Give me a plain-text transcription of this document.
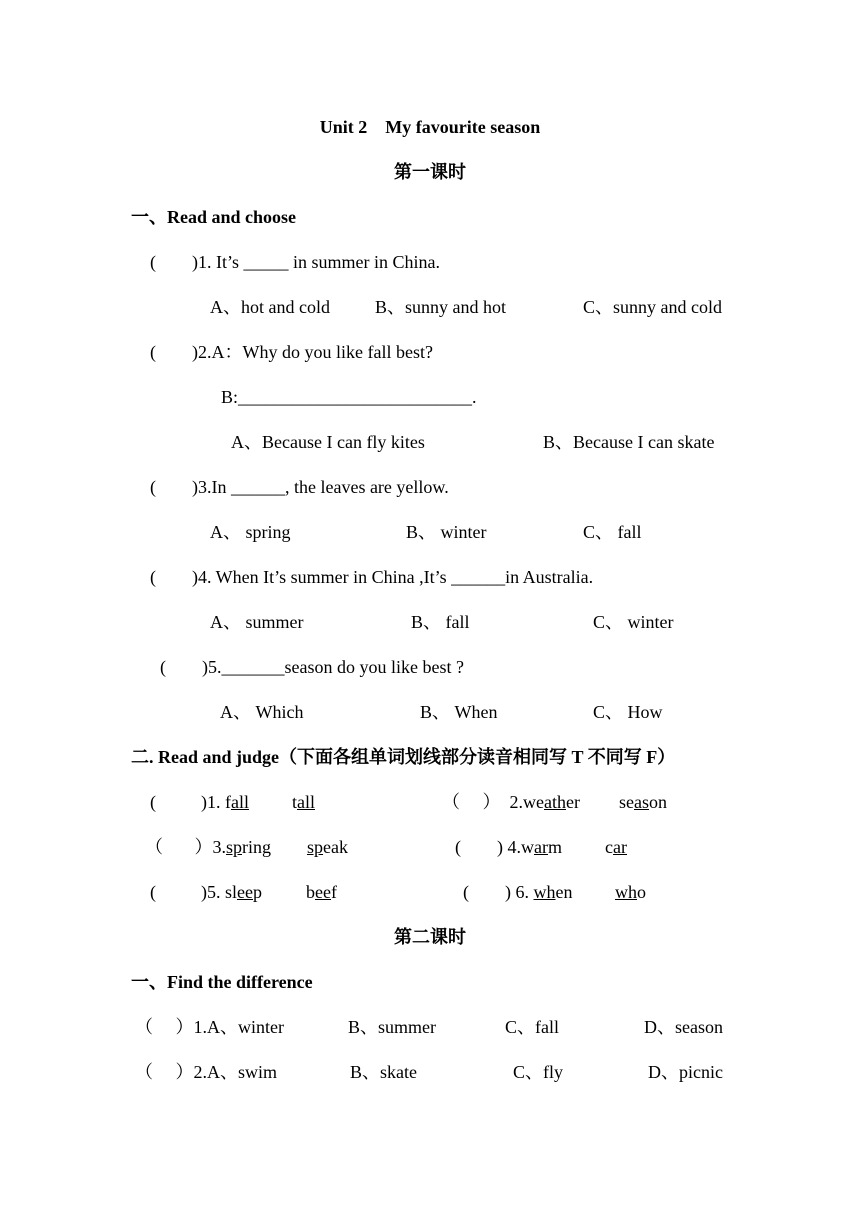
Unit 2    My favourite season
第一课时
一、Read and choose
(        )1. It’s _____ in summer in China.
A、hot and cold	B、sunny and hot	C、sunny and cold
(        )2.A：Why do you like fall best?
B:__________________________.
A、Because I can fly kites	B、Because I can skate
(        )3.In ______, the leaves are yellow.
A、 spring	B、 winter	C、 fall
(        )4. When It’s summer in China ,It’s ______in Australia.
A、 summer	B、 fall	C、 winter
(        )5._______season do you like best ?
A、 Which	B、 When	C、 How
二. Read and judge（下面各组单词划线部分读音相同写 T 不同写 F）
(          )1. fall tall	（     ）  2.weather season
（       ）3.spring speak	(        ) 4.warm car
(          )5. sleep beef	(        ) 6. when who
第二课时
一、Find the difference
（     ）1.A、winter	B、summer	C、fall	D、season
（     ）2.A、swim	B、skate	C、fly	D、picnic
